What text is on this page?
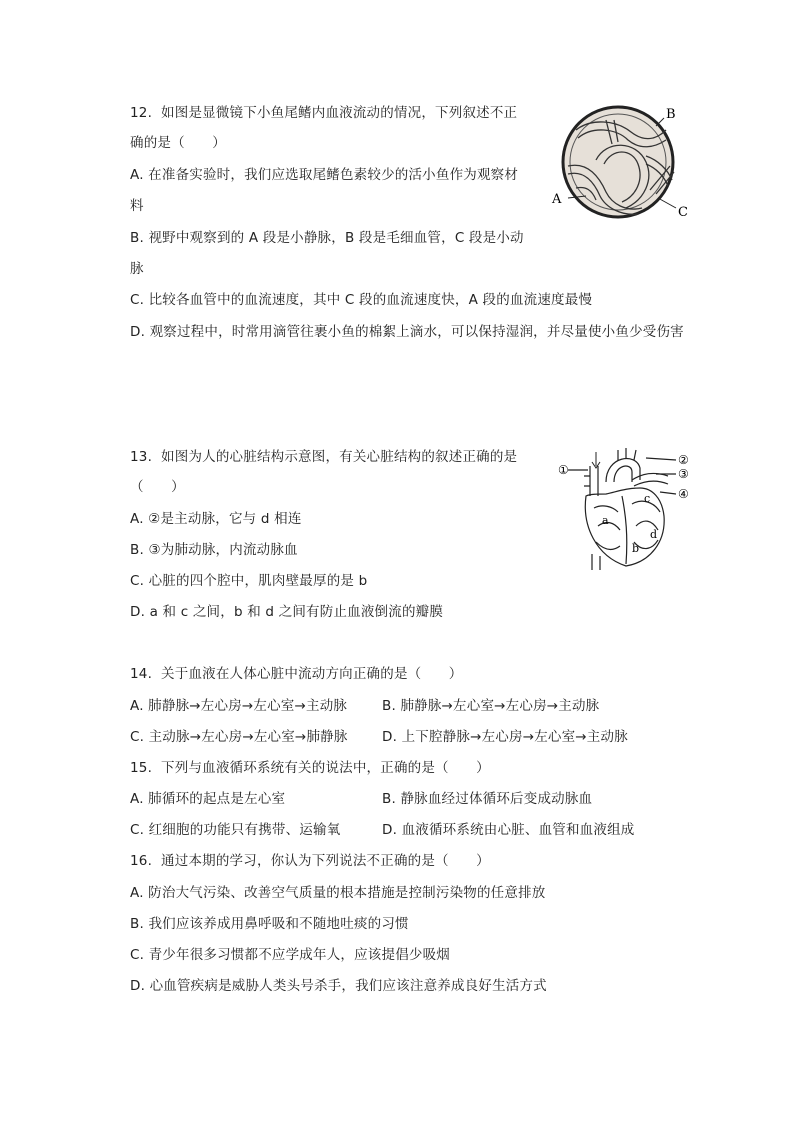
12.  如图是显微镜下小鱼尾鳍内血液流动的情况，下列叙述不正
确的是（　　）
A. 在准备实验时，我们应选取尾鳍色素较少的活小鱼作为观察材
料
B. 视野中观察到的 A 段是小静脉，B 段是毛细血管，C 段是小动
脉
C. 比较各血管中的血流速度，其中 C 段的血流速度快，A 段的血流速度最慢
D. 观察过程中，时常用滴管往裹小鱼的棉絮上滴水，可以保持湿润，并尽量使小鱼少受伤害
A
B
C
13.  如图为人的心脏结构示意图，有关心脏结构的叙述正确的是
（　　）
A. ②是主动脉，它与 d 相连
B. ③为肺动脉，内流动脉血
C. 心脏的四个腔中，肌肉壁最厚的是 b
D. a 和 c 之间，b 和 d 之间有防止血液倒流的瓣膜
①
②
③
④
a
b
c
d
14.  关于血液在人体心脏中流动方向正确的是（　　）
A. 肺静脉→左心房→左心室→主动脉	B. 肺静脉→左心室→左心房→主动脉
C. 主动脉→左心房→左心室→肺静脉	D. 上下腔静脉→左心房→左心室→主动脉
15.  下列与血液循环系统有关的说法中，正确的是（　　）
A. 肺循环的起点是左心室	B. 静脉血经过体循环后变成动脉血
C. 红细胞的功能只有携带、运输氧	D. 血液循环系统由心脏、血管和血液组成
16.  通过本期的学习，你认为下列说法不正确的是（　　）
A. 防治大气污染、改善空气质量的根本措施是控制污染物的任意排放
B. 我们应该养成用鼻呼吸和不随地吐痰的习惯
C. 青少年很多习惯都不应学成年人，应该提倡少吸烟
D. 心血管疾病是威胁人类头号杀手，我们应该注意养成良好生活方式
